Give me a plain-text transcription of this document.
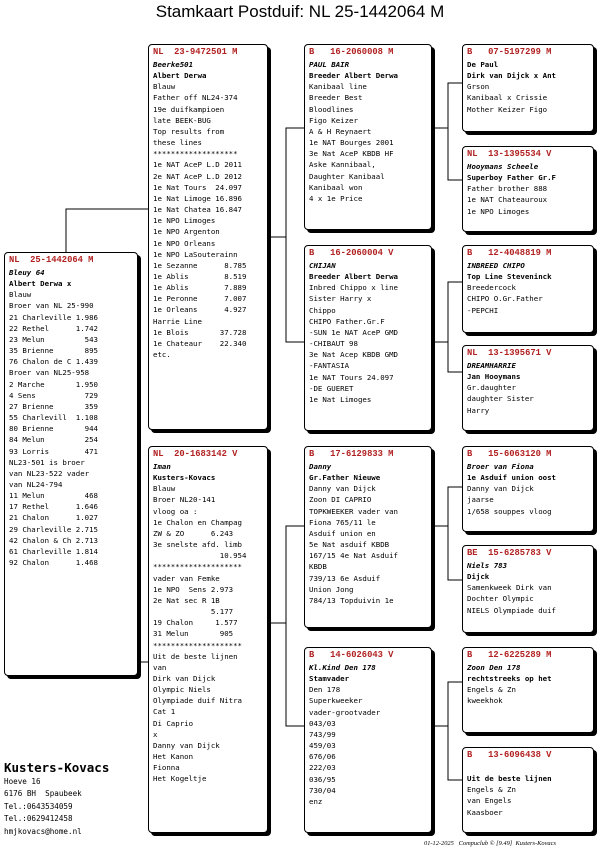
Stamkaart Postduif: NL 25-1442064 M
NL  25-1442064 M
Bleuy 64
Albert Derwa x
Blauw
Broer van NL 25-990
21 Charleville 1.986
22 Rethel      1.742
23 Melun         543
35 Brienne       895
76 Chalon de C 1.439
Broer van NL25-958
2 Marche       1.950
4 Sens           729
27 Brienne       359
55 Charlevill  1.108
80 Brienne       944
84 Melun         254
93 Lorris        471
NL23-501 is broer
van NL23-522 vader
van NL24-794
11 Melun         468
17 Rethel      1.646
21 Chalon      1.027
29 Charleville 2.715
42 Chalon & Ch 2.713
61 Charleville 1.814
92 Chalon      1.468
NL  23-9472501 M
Beerke501
Albert Derwa
Blauw
Father off NL24-374
19e duifkampioen
late BEEK-BUG
Top results from
these lines
*******************
1e NAT AceP L.D 2011
2e NAT AceP L.D 2012
1e Nat Tours  24.097
1e Nat Limoge 16.896
1e Nat Chatea 16.847
1e NPO Limoges
1e NPO Argenton
1e NPO Orleans
1e NPO LaSouterainn
1e Sezanne      8.785
1e Ablis        8.519
1e Ablis        7.889
1e Peronne      7.007
1e Orleans      4.927
Harrie Line
1e Blois       37.728
1e Chateaur    22.340
etc.
NL  20-1683142 V
Iman
Kusters-Kovacs
Blauw
Broer NL20-141
vloog oa :
1e Chalon en Champag
ZW & ZO      6.243
3e snelste afd. limb
10.954
********************
vader van Femke
1e NPO  Sens 2.973
2e Nat sec R 1B
5.177
19 Chalon     1.577
31 Melun       905
********************
Uit de beste lijnen
van
Dirk van Dijck
Olympic Niels
Olympiade duif Nitra
Cat 1
Di Caprio
x
Danny van Dijck
Het Kanon
Fionna
Het Kogeltje
B   16-2060008 M
PAUL BAIR
Breeder Albert Derwa
Kanibaal line
Breeder Best
Bloodlines
Figo Keizer
A & H Reynaert
1e NAT Bourges 2001
3e Nat AceP KBDB HF
Aske Kannibaal,
Daughter Kanibaal
Kanibaal won
4 x 1e Price
B   16-2060004 V
CHIJAN
Breeder Albert Derwa
Inbred Chippo x line
Sister Harry x
Chippo
CHIPO Father.Gr.F
-SUN 1e NAT AceP GMD
-CHIBAUT 98
3e Nat Acep KBDB GMD
-FANTASIA
1e NAT Tours 24.097
-DE GUERET
1e Nat Limoges
B   17-6129833 M
Danny
Gr.Father Nieuwe
Danny van Dijck
Zoon DI CAPRIO
TOPKWEEKER vader van
Fiona 765/11 le
Asduif union en
5e Nat asduif KBDB
167/15 4e Nat Asduif
KBDB
739/13 6e Asduif
Union Jong
784/13 Topduivin 1e
B   14-6026043 V
Kl.Kind Den 178
Stamvader
Den 178
Superkweeker
vader-grootvader
043/03
743/99
459/03
676/06
222/03
036/95
730/04
enz
B   07-5197299 M
De Paul
Dirk van Dijck x Ant
Grson
Kanibaal x Crissie
Mother Keizer Figo
NL  13-1395534 V
Hooymans Scheele
Superboy Father Gr.F
Father brother 888
1e NAT Chateauroux
1e NPO Limoges
B   12-4048819 M
INBREED CHIPO
Top Line Steveninck
Breedercock
CHIPO O.Gr.Father
-PEPCHI
NL  13-1395671 V
DREAMHARRIE
Jan Hooymans
Gr.daughter
daughter Sister
Harry
B   15-6063120 M
Broer van Fiona
1e Asduif union oost
Danny van Dijck
jaarse
1/658 souppes vloog
BE  15-6285783 V
Niels 783
Dijck
Samenkweek Dirk van
Dochter Olympic
NIELS Olympiade duif
B   12-6225289 M
Zoon Den 178
rechtstreeks op het
Engels & Zn
kweekhok
B   13-6096438 V

Uit de beste lijnen
Engels & Zn
van Engels
Kaasboer
Kusters-Kovacs
Hoeve 16
6176 BH  Spaubeek
Tel.:0643534059
Tel.:0629412458
hmjkovacs@home.nl
01-12-2025   Compuclub © [9.49]  Kusters-Kovacs
